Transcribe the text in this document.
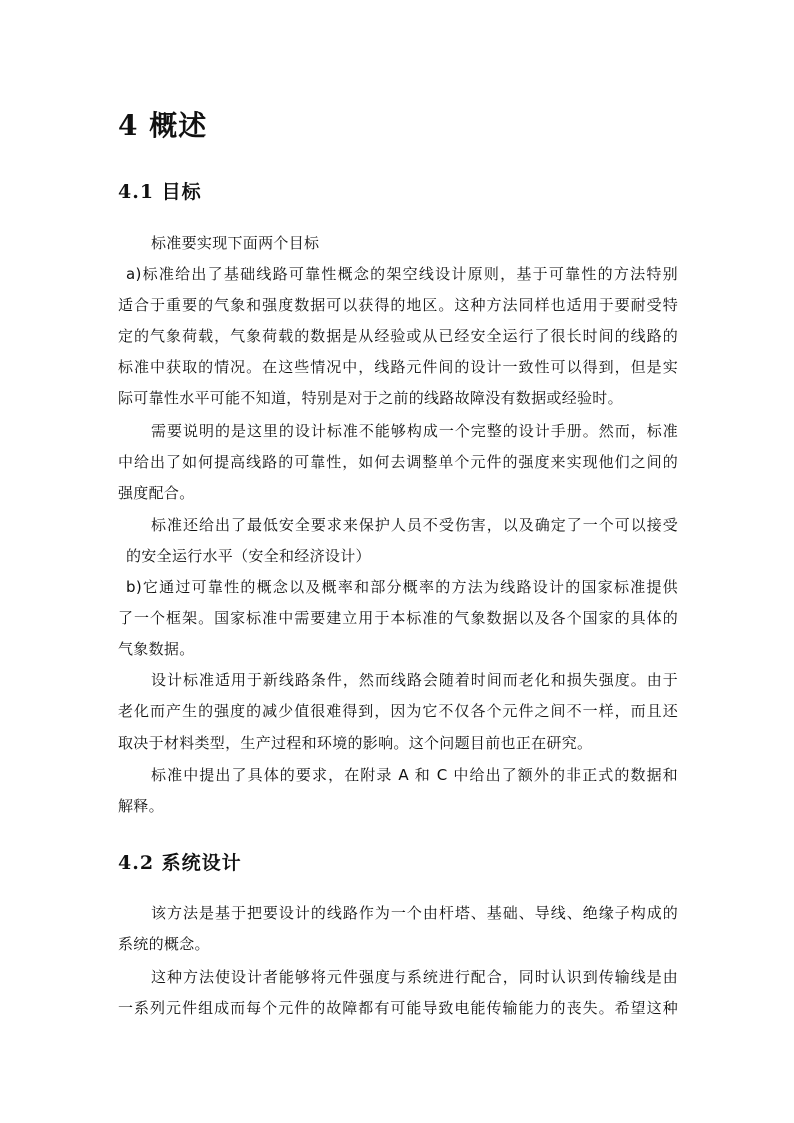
4 概述
4.1 目标
标准要实现下面两个目标
a)标准给出了基础线路可靠性概念的架空线设计原则，基于可靠性的方法特别
适合于重要的气象和强度数据可以获得的地区。这种方法同样也适用于要耐受特
定的气象荷载，气象荷载的数据是从经验或从已经安全运行了很长时间的线路的
标准中获取的情况。在这些情况中，线路元件间的设计一致性可以得到，但是实
际可靠性水平可能不知道，特别是对于之前的线路故障没有数据或经验时。
需要说明的是这里的设计标准不能够构成一个完整的设计手册。然而，标准
中给出了如何提高线路的可靠性，如何去调整单个元件的强度来实现他们之间的
强度配合。
标准还给出了最低安全要求来保护人员不受伤害，以及确定了一个可以接受
的安全运行水平（安全和经济设计）
b)它通过可靠性的概念以及概率和部分概率的方法为线路设计的国家标准提供
了一个框架。国家标准中需要建立用于本标准的气象数据以及各个国家的具体的
气象数据。
设计标准适用于新线路条件，然而线路会随着时间而老化和损失强度。由于
老化而产生的强度的减少值很难得到，因为它不仅各个元件之间不一样，而且还
取决于材料类型，生产过程和环境的影响。这个问题目前也正在研究。
标准中提出了具体的要求，在附录 A 和 C 中给出了额外的非正式的数据和
解释。
4.2 系统设计
该方法是基于把要设计的线路作为一个由杆塔、基础、导线、绝缘子构成的
系统的概念。
这种方法使设计者能够将元件强度与系统进行配合，同时认识到传输线是由
一系列元件组成而每个元件的故障都有可能导致电能传输能力的丧失。希望这种
